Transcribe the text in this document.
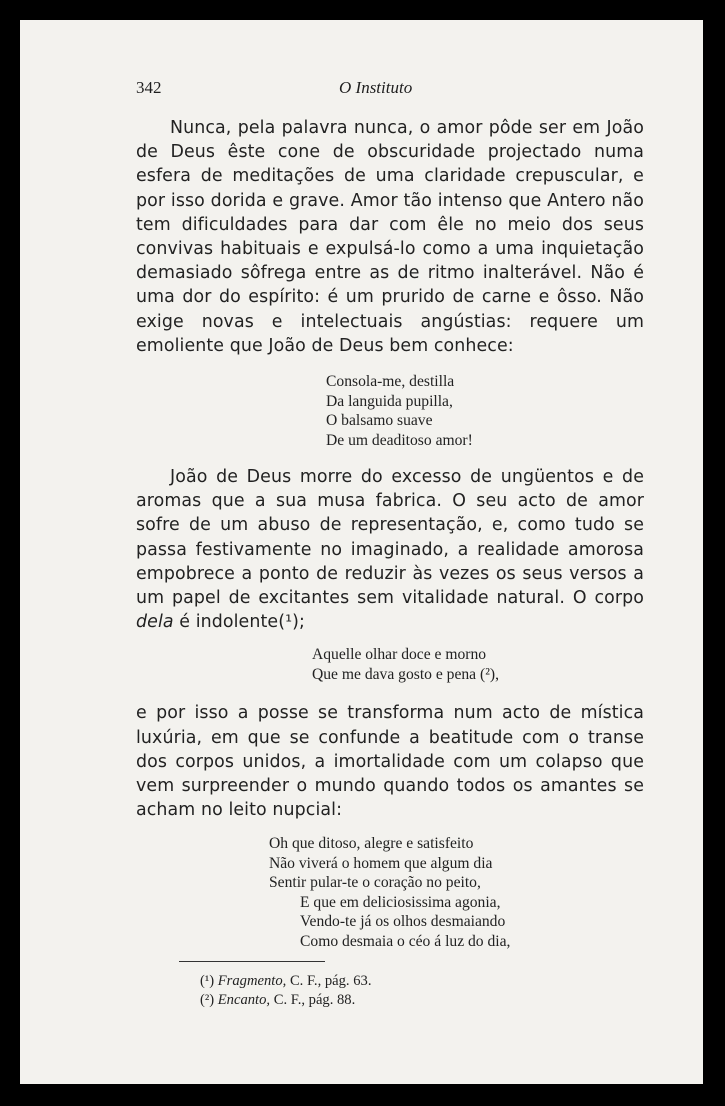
342	O Instituto

Nunca, pela palavra nunca, o amor pôde ser em João de Deus êste cone de obscuridade projectado numa esfera de meditações de uma claridade crepuscular, e por isso dorida e grave. Amor tão intenso que Antero não tem dificuldades para dar com êle no meio dos seus convivas habituais e expulsá-lo como a uma inquietação demasiado sôfrega entre as de ritmo inalterável. Não é uma dor do espírito: é um prurido de carne e ôsso. Não exige novas e intelectuais angústias: requere um emoliente que João de Deus bem conhece:

Consola-me, destilla
Da languida pupilla,
O balsamo suave
De um deaditoso amor!

João de Deus morre do excesso de ungüentos e de aromas que a sua musa fabrica. O seu acto de amor sofre de um abuso de representação, e, como tudo se passa festivamente no imaginado, a realidade amorosa empobrece a ponto de reduzir às vezes os seus versos a um papel de excitantes sem vitalidade natural. O corpo dela é indolente(¹);

Aquelle olhar doce e morno
Que me dava gosto e pena (²),

e por isso a posse se transforma num acto de mística luxúria, em que se confunde a beatitude com o transe dos corpos unidos, a imortalidade com um colapso que vem surpreender o mundo quando todos os amantes se acham no leito nupcial:

Oh que ditoso, alegre e satisfeito
Não viverá o homem que algum dia
Sentir pular-te o coração no peito,
E que em deliciosissima agonia,
Vendo-te já os olhos desmaiando
Como desmaia o céo á luz do dia,
(¹) Fragmento, C. F., pág. 63.
(²) Encanto, C. F., pág. 88.
